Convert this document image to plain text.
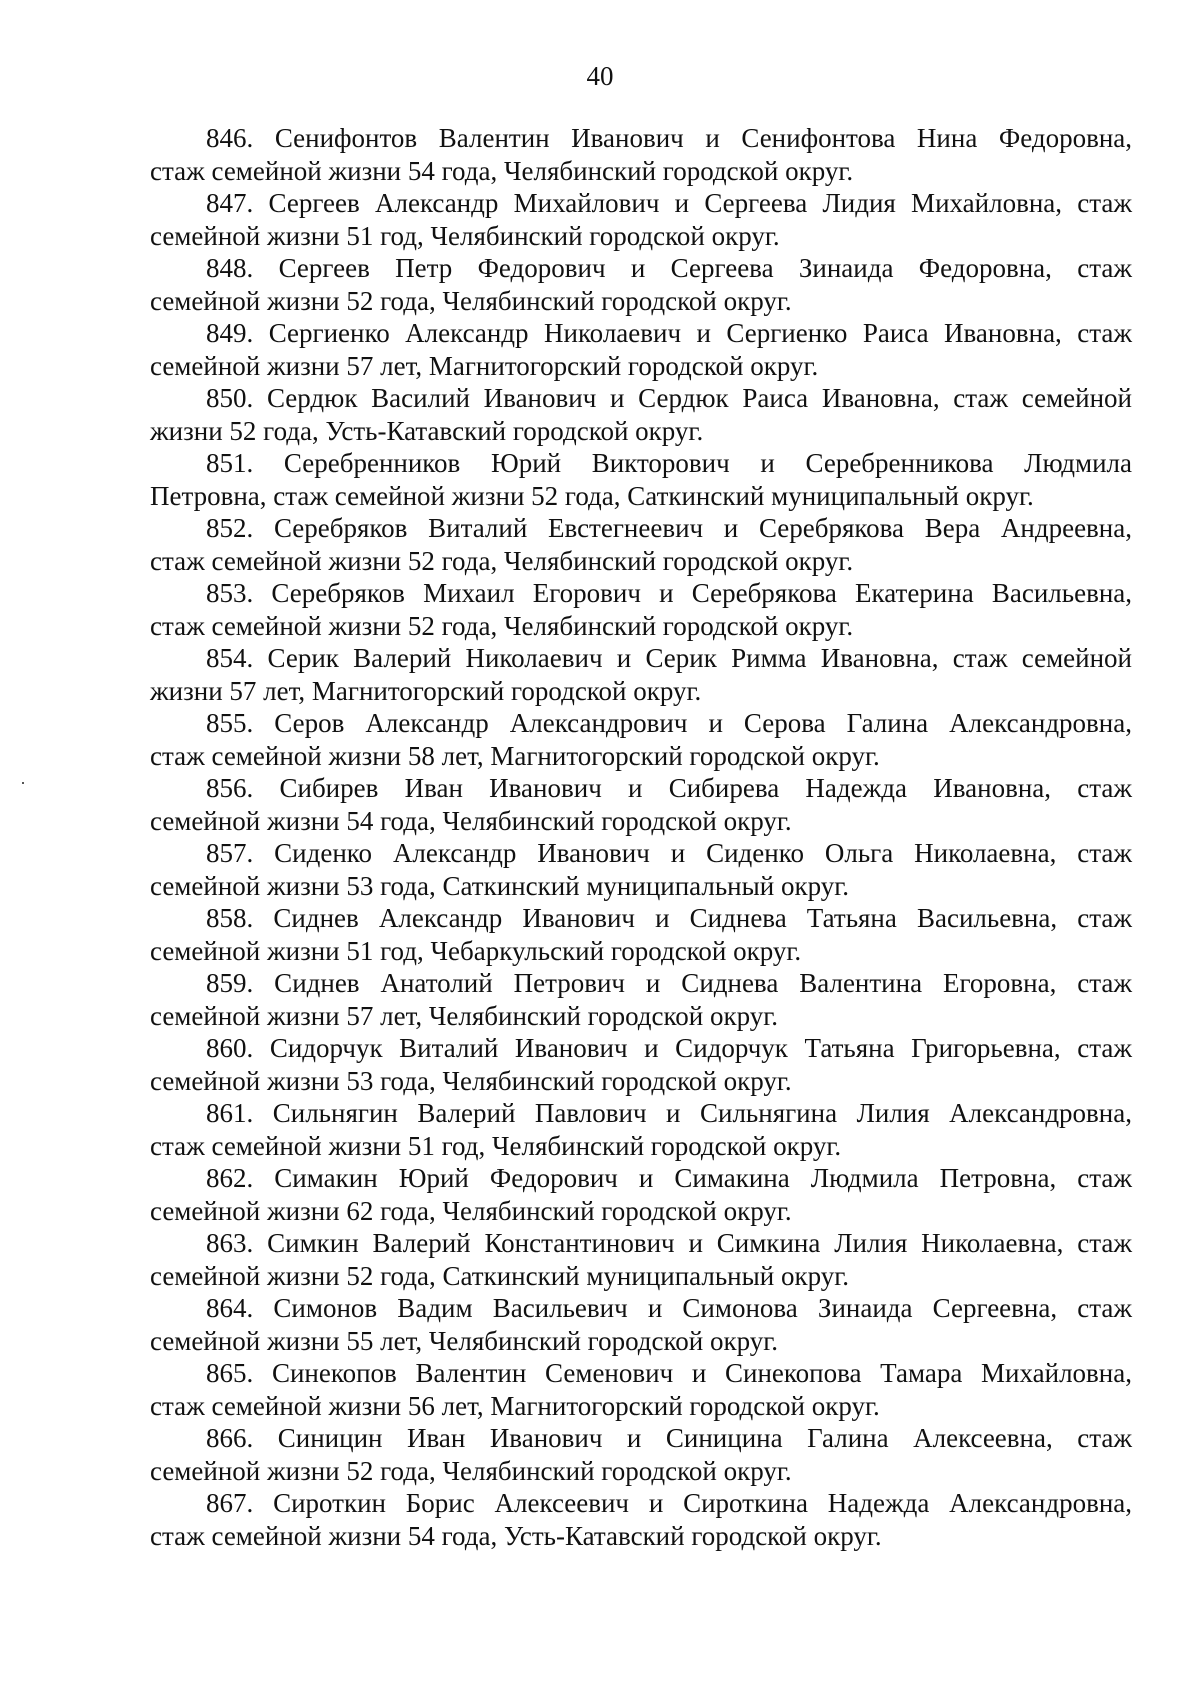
40

846. Сенифонтов Валентин Иванович и Сенифонтова Нина Федоровна,
стаж семейной жизни 54 года, Челябинский городской округ.

847. Сергеев Александр Михайлович и Сергеева Лидия Михайловна, стаж
семейной жизни 51 год, Челябинский городской округ.

848. Сергеев Петр Федорович и Сергеева Зинаида Федоровна, стаж
семейной жизни 52 года, Челябинский городской округ.

849. Сергиенко Александр Николаевич и Сергиенко Раиса Ивановна, стаж
семейной жизни 57 лет, Магнитогорский городской округ.

850. Сердюк Василий Иванович и Сердюк Раиса Ивановна, стаж семейной
жизни 52 года, Усть-Катавский городской округ.

851. Серебренников Юрий Викторович и Серебренникова Людмила
Петровна, стаж семейной жизни 52 года, Саткинский муниципальный округ.

852. Серебряков Виталий Евстегнеевич и Серебрякова Вера Андреевна,
стаж семейной жизни 52 года, Челябинский городской округ.

853. Серебряков Михаил Егорович и Серебрякова Екатерина Васильевна,
стаж семейной жизни 52 года, Челябинский городской округ.

854. Серик Валерий Николаевич и Серик Римма Ивановна, стаж семейной
жизни 57 лет, Магнитогорский городской округ.

855. Серов Александр Александрович и Серова Галина Александровна,
стаж семейной жизни 58 лет, Магнитогорский городской округ.

856. Сибирев Иван Иванович и Сибирева Надежда Ивановна, стаж
семейной жизни 54 года, Челябинский городской округ.

857. Сиденко Александр Иванович и Сиденко Ольга Николаевна, стаж
семейной жизни 53 года, Саткинский муниципальный округ.

858. Сиднев Александр Иванович и Сиднева Татьяна Васильевна, стаж
семейной жизни 51 год, Чебаркульский городской округ.

859. Сиднев Анатолий Петрович и Сиднева Валентина Егоровна, стаж
семейной жизни 57 лет, Челябинский городской округ.

860. Сидорчук Виталий Иванович и Сидорчук Татьяна Григорьевна, стаж
семейной жизни 53 года, Челябинский городской округ.

861. Сильнягин Валерий Павлович и Сильнягина Лилия Александровна,
стаж семейной жизни 51 год, Челябинский городской округ.

862. Симакин Юрий Федорович и Симакина Людмила Петровна, стаж
семейной жизни 62 года, Челябинский городской округ.

863. Симкин Валерий Константинович и Симкина Лилия Николаевна, стаж
семейной жизни 52 года, Саткинский муниципальный округ.

864. Симонов Вадим Васильевич и Симонова Зинаида Сергеевна, стаж
семейной жизни 55 лет, Челябинский городской округ.

865. Синекопов Валентин Семенович и Синекопова Тамара Михайловна,
стаж семейной жизни 56 лет, Магнитогорский городской округ.

866. Синицин Иван Иванович и Синицина Галина Алексеевна, стаж
семейной жизни 52 года, Челябинский городской округ.

867. Сироткин Борис Алексеевич и Сироткина Надежда Александровна,
стаж семейной жизни 54 года, Усть-Катавский городской округ.
